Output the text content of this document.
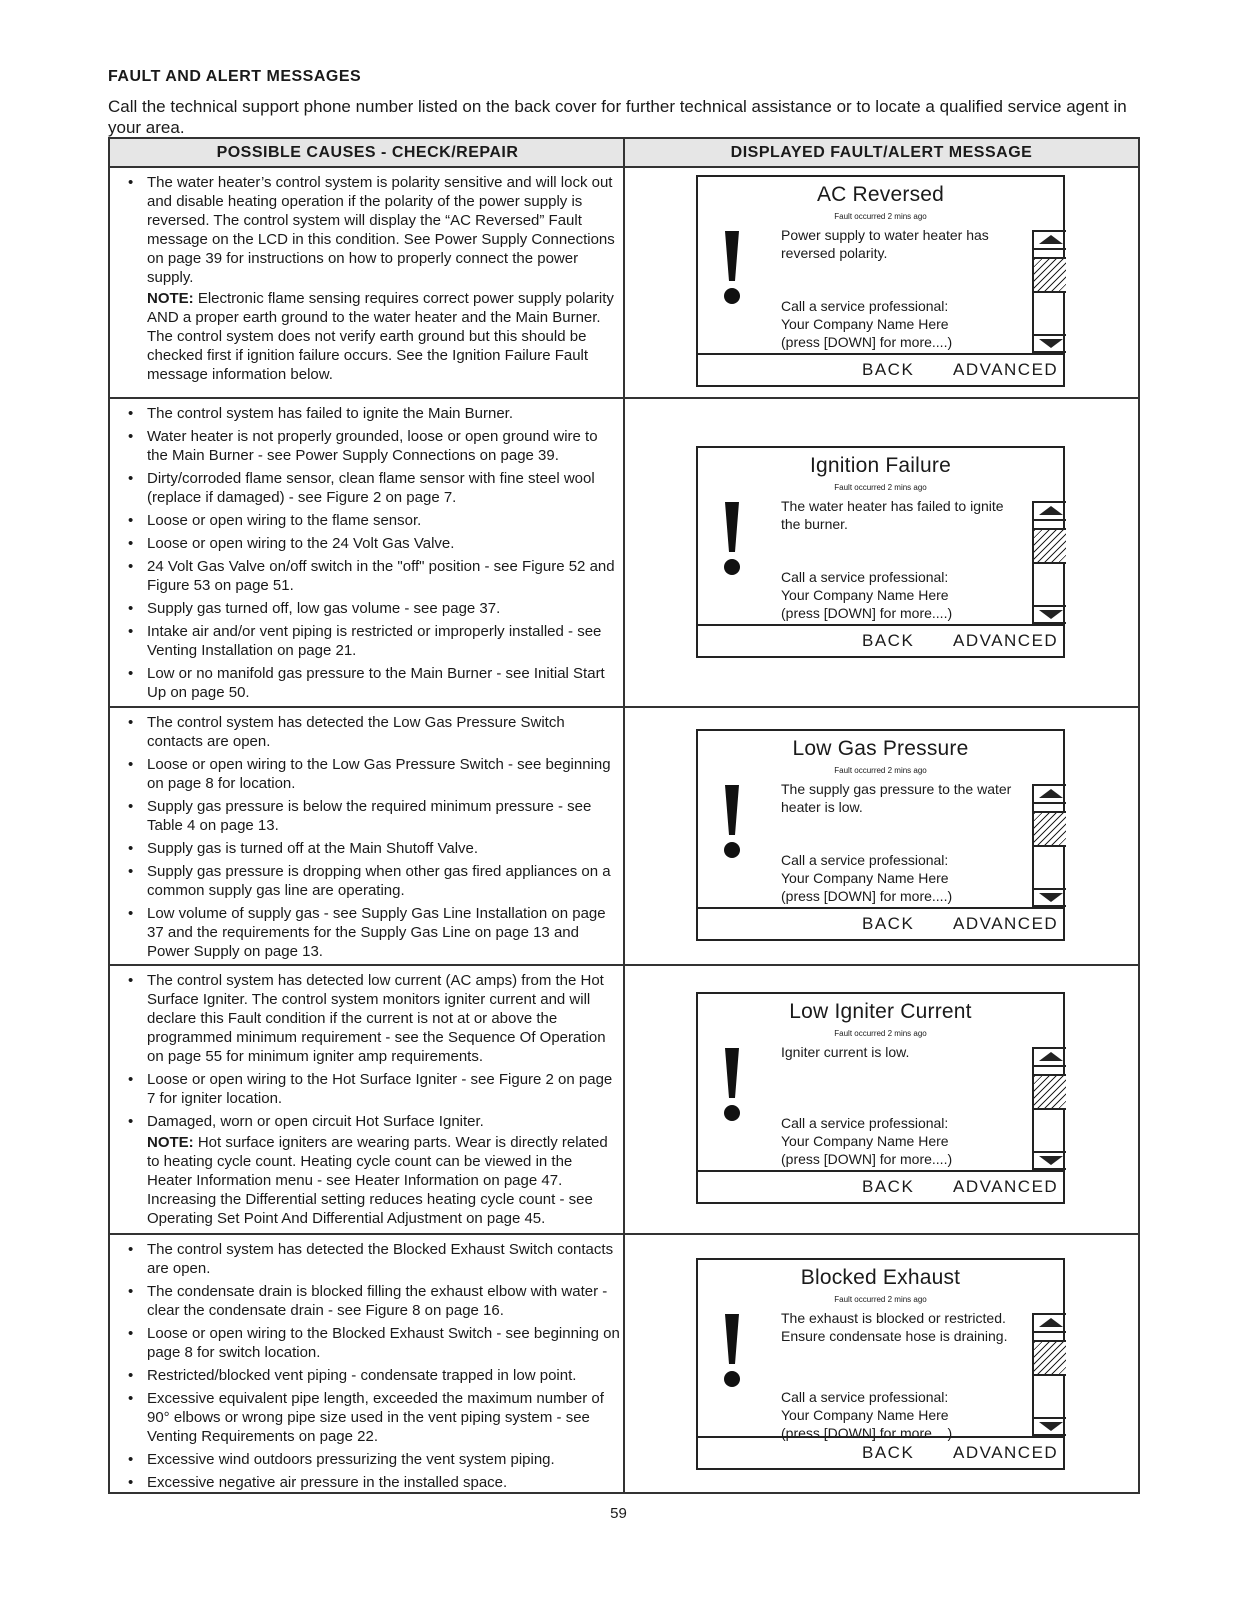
FAULT AND ALERT MESSAGES
Call the technical support phone number listed on the back cover for further technical assistance or to locate a qualified service agent in your area.
POSSIBLE CAUSES - CHECK/REPAIR	DISPLAYED FAULT/ALERT MESSAGE
• The water heater’s control system is polarity sensitive and will lock out and disable heating operation if the polarity of the power supply is reversed. The control system will display the “AC Reversed” Fault message on the LCD in this condition. See Power Supply Connections on page 39 for instructions on how to properly connect the power supply.
NOTE: Electronic flame sensing requires correct power supply polarity AND a proper earth ground to the water heater and the Main Burner. The control system does not verify earth ground but this should be checked first if ignition failure occurs. See the Ignition Failure Fault message information below.
AC Reversed
Fault occurred 2 mins ago
Power supply to water heater has reversed polarity.
Call a service professional:
Your Company Name Here
(press [DOWN] for more....)
BACK ADVANCED
• The control system has failed to ignite the Main Burner.
• Water heater is not properly grounded, loose or open ground wire to the Main Burner - see Power Supply Connections on page 39.
• Dirty/corroded flame sensor, clean flame sensor with fine steel wool (replace if damaged) - see Figure 2 on page 7.
• Loose or open wiring to the flame sensor.
• Loose or open wiring to the 24 Volt Gas Valve.
• 24 Volt Gas Valve on/off switch in the "off" position - see Figure 52 and Figure 53 on page 51.
• Supply gas turned off, low gas volume - see page 37.
• Intake air and/or vent piping is restricted or improperly installed - see Venting Installation on page 21.
• Low or no manifold gas pressure to the Main Burner - see Initial Start Up on page 50.
Ignition Failure
Fault occurred 2 mins ago
The water heater has failed to ignite the burner.
Call a service professional:
Your Company Name Here
(press [DOWN] for more....)
BACK ADVANCED
• The control system has detected the Low Gas Pressure Switch contacts are open.
• Loose or open wiring to the Low Gas Pressure Switch - see beginning on page 8 for location.
• Supply gas pressure is below the required minimum pressure - see Table 4 on page 13.
• Supply gas is turned off at the Main Shutoff Valve.
• Supply gas pressure is dropping when other gas fired appliances on a common supply gas line are operating.
• Low volume of supply gas - see Supply Gas Line Installation on page 37 and the requirements for the Supply Gas Line on page 13 and Power Supply on page 13.
Low Gas Pressure
Fault occurred 2 mins ago
The supply gas pressure to the water heater is low.
Call a service professional:
Your Company Name Here
(press [DOWN] for more....)
BACK ADVANCED
• The control system has detected low current (AC amps) from the Hot Surface Igniter. The control system monitors igniter current and will declare this Fault condition if the current is not at or above the programmed minimum requirement - see the Sequence Of Operation on page 55 for minimum igniter amp requirements.
• Loose or open wiring to the Hot Surface Igniter - see Figure 2 on page 7 for igniter location.
• Damaged, worn or open circuit Hot Surface Igniter.
NOTE: Hot surface igniters are wearing parts. Wear is directly related to heating cycle count. Heating cycle count can be viewed in the Heater Information menu - see Heater Information on page 47. Increasing the Differential setting reduces heating cycle count - see Operating Set Point And Differential Adjustment on page 45.
Low Igniter Current
Fault occurred 2 mins ago
Igniter current is low.
Call a service professional:
Your Company Name Here
(press [DOWN] for more....)
BACK ADVANCED
• The control system has detected the Blocked Exhaust Switch contacts are open.
• The condensate drain is blocked filling the exhaust elbow with water - clear the condensate drain - see Figure 8 on page 16.
• Loose or open wiring to the Blocked Exhaust Switch - see beginning on page 8 for switch location.
• Restricted/blocked vent piping - condensate trapped in low point.
• Excessive equivalent pipe length, exceeded the maximum number of 90° elbows or wrong pipe size used in the vent piping system - see Venting Requirements on page 22.
• Excessive wind outdoors pressurizing the vent system piping.
• Excessive negative air pressure in the installed space.
Blocked Exhaust
Fault occurred 2 mins ago
The exhaust is blocked or restricted. Ensure condensate hose is draining.
Call a service professional:
Your Company Name Here
(press [DOWN] for more....)
BACK ADVANCED
59
